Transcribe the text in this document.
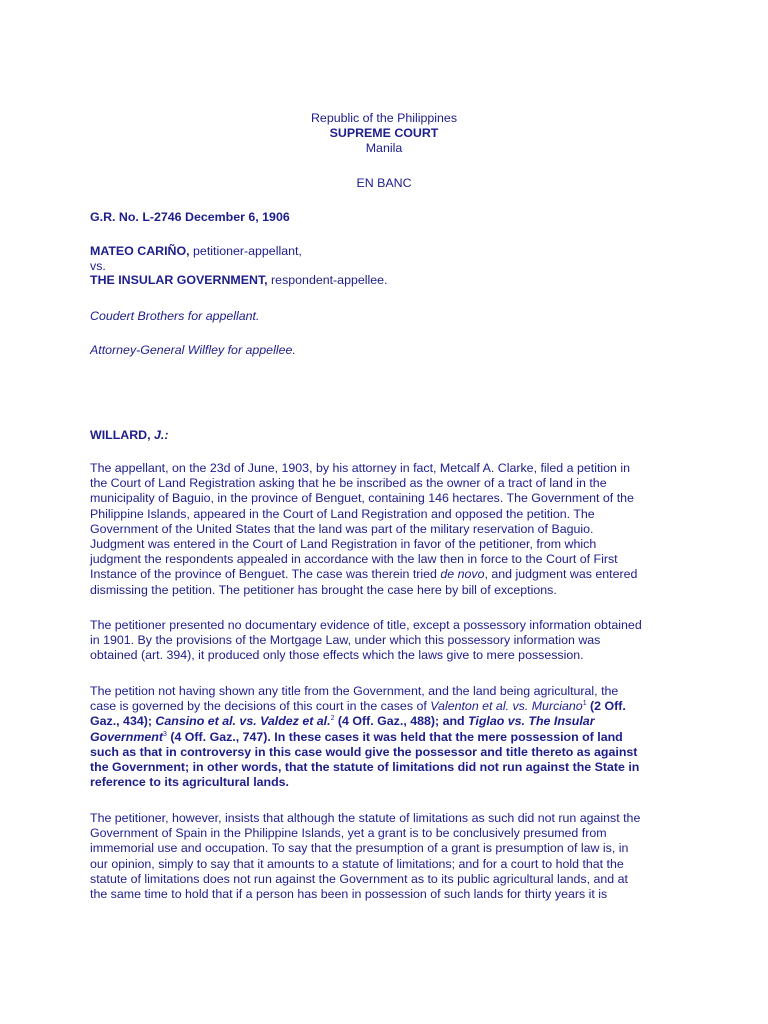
Republic of the Philippines
SUPREME COURT
Manila
EN BANC
G.R. No. L-2746 December 6, 1906
MATEO CARIÑO, petitioner-appellant,
vs.
THE INSULAR GOVERNMENT, respondent-appellee.
Coudert Brothers for appellant.
Attorney-General Wilfley for appellee.
WILLARD, J.:
The appellant, on the 23d of June, 1903, by his attorney in fact, Metcalf A. Clarke, filed a petition in
the Court of Land Registration asking that he be inscribed as the owner of a tract of land in the
municipality of Baguio, in the province of Benguet, containing 146 hectares. The Government of the
Philippine Islands, appeared in the Court of Land Registration and opposed the petition. The
Government of the United States that the land was part of the military reservation of Baguio.
Judgment was entered in the Court of Land Registration in favor of the petitioner, from which
judgment the respondents appealed in accordance with the law then in force to the Court of First
Instance of the province of Benguet. The case was therein tried de novo, and judgment was entered
dismissing the petition. The petitioner has brought the case here by bill of exceptions.
The petitioner presented no documentary evidence of title, except a possessory information obtained
in 1901. By the provisions of the Mortgage Law, under which this possessory information was
obtained (art. 394), it produced only those effects which the laws give to mere possession.
The petition not having shown any title from the Government, and the land being agricultural, the
case is governed by the decisions of this court in the cases of Valenton et al. vs. Murciano$^1$ (2 Off.
Gaz., 434); Cansino et al. vs. Valdez et al.$^2$ (4 Off. Gaz., 488); and Tiglao vs. The Insular
Government$^3$ (4 Off. Gaz., 747). In these cases it was held that the mere possession of land
such as that in controversy in this case would give the possessor and title thereto as against
the Government; in other words, that the statute of limitations did not run against the State in
reference to its agricultural lands.
The petitioner, however, insists that although the statute of limitations as such did not run against the
Government of Spain in the Philippine Islands, yet a grant is to be conclusively presumed from
immemorial use and occupation. To say that the presumption of a grant is presumption of law is, in
our opinion, simply to say that it amounts to a statute of limitations; and for a court to hold that the
statute of limitations does not run against the Government as to its public agricultural lands, and at
the same time to hold that if a person has been in possession of such lands for thirty years it is
